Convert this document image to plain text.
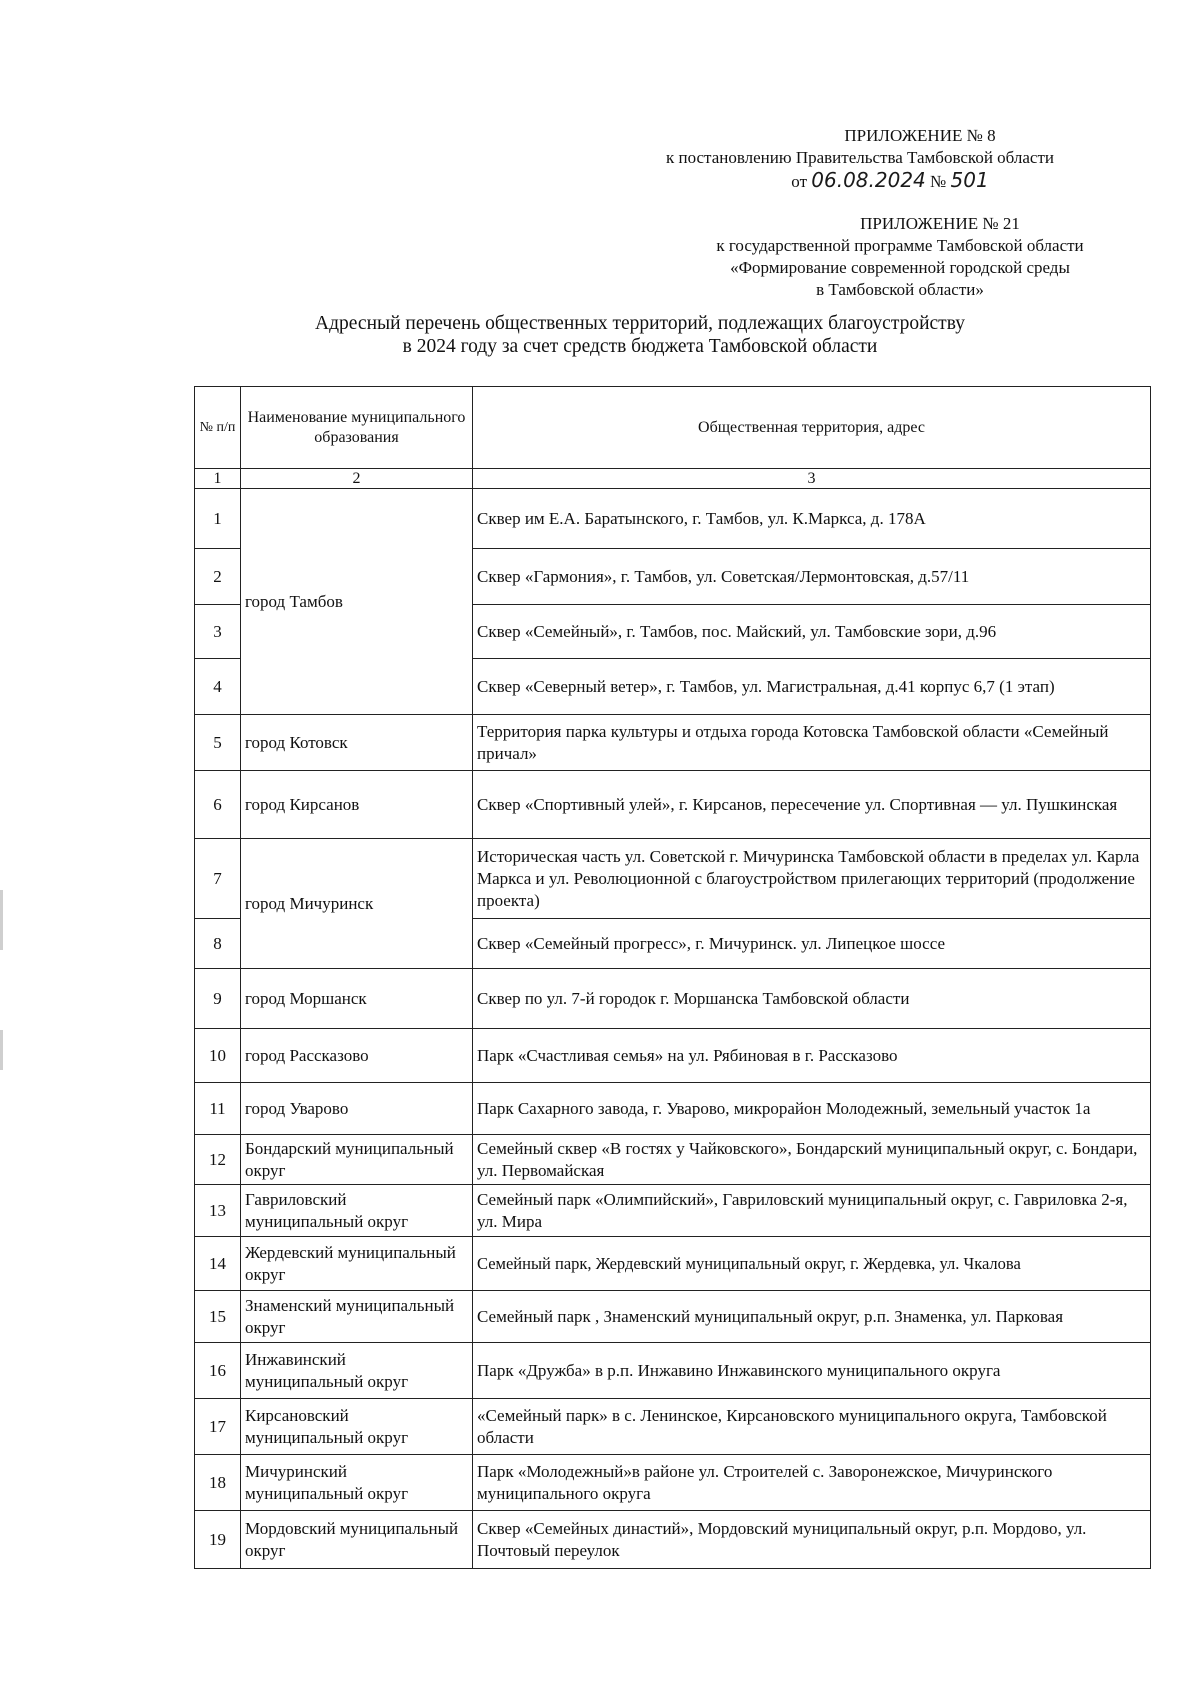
ПРИЛОЖЕНИЕ № 8
к постановлению Правительства Тамбовской области
от 06.08.2024 № 501
ПРИЛОЖЕНИЕ № 21
к государственной программе Тамбовской области
«Формирование современной городской среды
в Тамбовской области»
Адресный перечень общественных территорий, подлежащих благоустройству
в 2024 году за счет средств бюджета Тамбовской области
№ п/п	Наименование муниципального образования	Общественная территория, адрес
1	2	3
1	город Тамбов	Сквер им Е.А. Баратынского, г. Тамбов, ул. К.Маркса, д. 178А
2		Сквер «Гармония», г. Тамбов, ул. Советская/Лермонтовская, д.57/11
3		Сквер «Семейный», г. Тамбов, пос. Майский, ул. Тамбовские зори, д.96
4		Сквер «Северный ветер», г. Тамбов, ул. Магистральная, д.41 корпус 6,7 (1 этап)
5	город Котовск	Территория парка культуры и отдыха города Котовска Тамбовской области «Семейный причал»
6	город Кирсанов	Сквер «Спортивный улей», г. Кирсанов, пересечение ул. Спортивная — ул. Пушкинская
7	город Мичуринск	Историческая часть ул. Советской г. Мичуринска Тамбовской области в пределах ул. Карла Маркса и ул. Революционной с благоустройством прилегающих территорий (продолжение проекта)
8		Сквер «Семейный прогресс», г. Мичуринск. ул. Липецкое шоссе
9	город Моршанск	Сквер по ул. 7-й городок г. Моршанска Тамбовской области
10	город Рассказово	Парк «Счастливая семья» на ул. Рябиновая в г. Рассказово
11	город Уварово	Парк Сахарного завода, г. Уварово, микрорайон Молодежный, земельный участок 1а
12	Бондарский муниципальный округ	Семейный сквер «В гостях у Чайковского», Бондарский муниципальный округ, с. Бондари, ул. Первомайская
13	Гавриловский муниципальный округ	Семейный парк «Олимпийский», Гавриловский муниципальный округ, с. Гавриловка 2-я, ул. Мира
14	Жердевский муниципальный округ	Семейный парк, Жердевский муниципальный округ, г. Жердевка, ул. Чкалова
15	Знаменский муниципальный округ	Семейный парк , Знаменский муниципальный округ, р.п. Знаменка, ул. Парковая
16	Инжавинский муниципальный округ	Парк «Дружба» в р.п. Инжавино Инжавинского муниципального округа
17	Кирсановский муниципальный округ	«Семейный парк» в с. Ленинское, Кирсановского муниципального округа, Тамбовской области
18	Мичуринский муниципальный округ	Парк «Молодежный»в районе ул. Строителей с. Заворонежское, Мичуринского муниципального округа
19	Мордовский муниципальный округ	Сквер «Семейных династий», Мордовский муниципальный округ, р.п. Мордово, ул. Почтовый переулок
